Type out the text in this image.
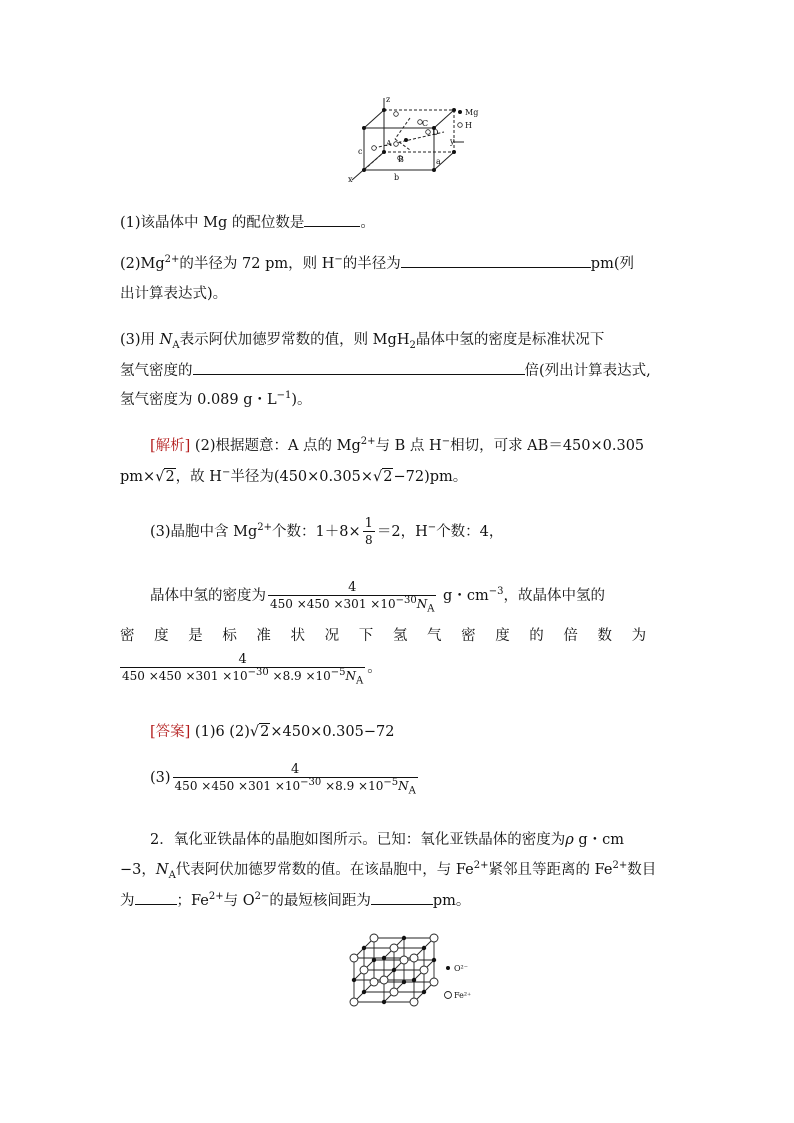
z
x
y
a
b
c
A
B
C
D
Mg
H
(1)该晶体中 Mg 的配位数是	。
$(2)Mg^{2+}$的半径为 72 pm，则 H−的半径为	pm(列
出计算表达式)。
(3)用 $N_A$表示阿伏加德罗常数的值，则 MgH$_2$晶体中氢的密度是标准状况下
氢气密度的	倍(列出计算表达式,
氢气密度为 0.089 g・$L^{-1}$)。
[解析] (2)根据题意：A 点的 $Mg^{2+}$与 B 点 H−相切，可求 AB＝450×0.305
pm×√2，故 H−半径为(450×0.305×√2−72)pm。
(3)晶胞中含 $Mg^{2+}$个数：$1+8\times \frac{1}{8} =2$，H−个数：4，
晶体中氢的密度为 $\frac{4}{450 \times 450 \times 301 \times 10^{-30}N_A}$ g・$cm^{-3}$，故晶体中氢的
密 度 是 标 准 状 况 下 氢 气 密 度 的 倍 数 为
$\frac{4}{450 \times 450 \times 301 \times 10^{-30} \times 8.9 \times 10^{-5}N_A}$ 。
[答案] (1)6 (2)√2×450×0.305−72
$(3) \frac{4}{450 \times 450 \times 301 \times 10^{-30} \times 8.9 \times 10^{-5}N_A}$
2．氧化亚铁晶体的晶胞如图所示。已知：氧化亚铁晶体的密度为ρ g・cm
−3，$N_A$代表阿伏加德罗常数的值。在该晶胞中，与 $Fe^{2+}$紧邻且等距离的 $Fe^{2+}$数目
为	；$Fe^{2+}$与 $O^{2-}$的最短核间距为	pm。
O²⁻
Fe²⁺
